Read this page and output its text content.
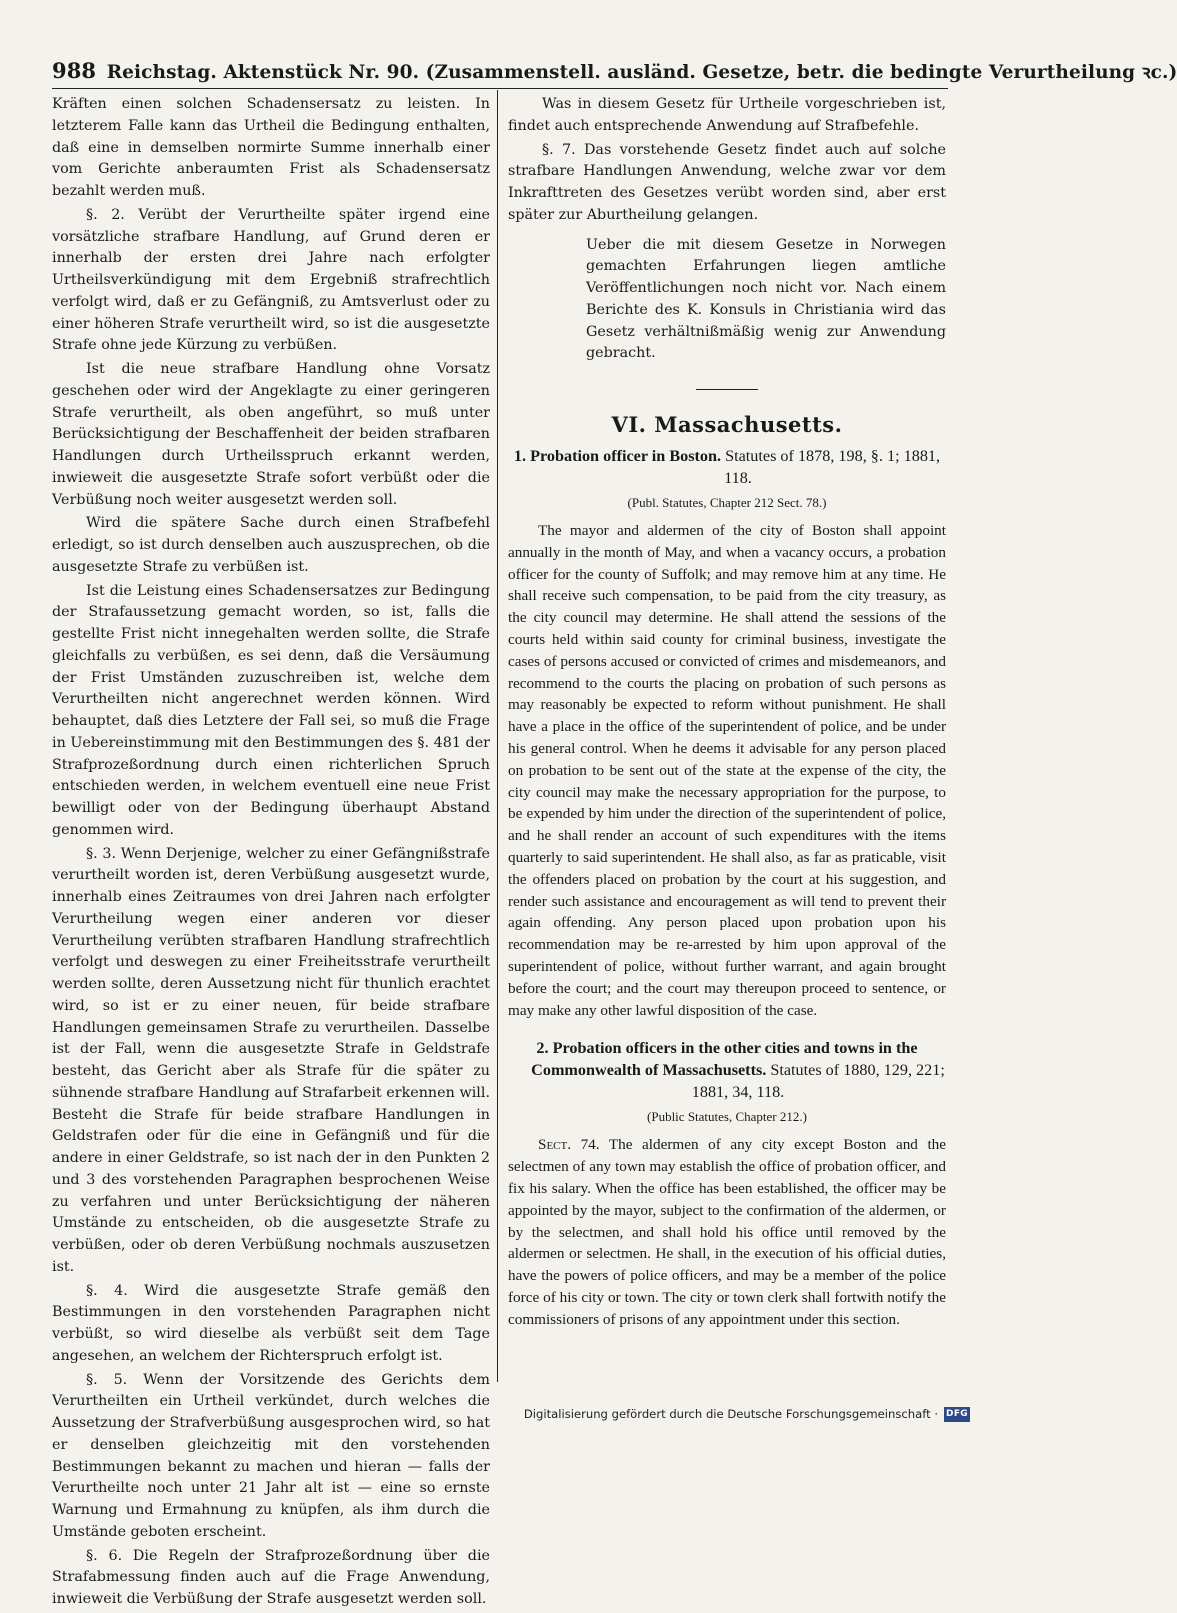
988 Reichstag. Aktenstück Nr. 90. (Zusammenstell. ausländ. Gesetze, betr. die bedingte Verurtheilung ꝛc.)

Kräften einen solchen Schadensersatz zu leisten. In letzterem Falle kann das Urtheil die Bedingung enthalten, daß eine in demselben normirte Summe innerhalb einer vom Gerichte anberaumten Frist als Schadensersatz bezahlt werden muß.

§. 2. Verübt der Verurtheilte später irgend eine vorsätzliche strafbare Handlung, auf Grund deren er innerhalb der ersten drei Jahre nach erfolgter Urtheilsverkündigung mit dem Ergebniß strafrechtlich verfolgt wird, daß er zu Gefängniß, zu Amtsverlust oder zu einer höheren Strafe verurtheilt wird, so ist die ausgesetzte Strafe ohne jede Kürzung zu verbüßen.

Ist die neue strafbare Handlung ohne Vorsatz geschehen oder wird der Angeklagte zu einer geringeren Strafe verurtheilt, als oben angeführt, so muß unter Berücksichtigung der Beschaffenheit der beiden strafbaren Handlungen durch Urtheilsspruch erkannt werden, inwieweit die ausgesetzte Strafe sofort verbüßt oder die Verbüßung noch weiter ausgesetzt werden soll.

Wird die spätere Sache durch einen Strafbefehl erledigt, so ist durch denselben auch auszusprechen, ob die ausgesetzte Strafe zu verbüßen ist.

Ist die Leistung eines Schadensersatzes zur Bedingung der Strafaussetzung gemacht worden, so ist, falls die gestellte Frist nicht innegehalten werden sollte, die Strafe gleichfalls zu verbüßen, es sei denn, daß die Versäumung der Frist Umständen zuzuschreiben ist, welche dem Verurtheilten nicht angerechnet werden können. Wird behauptet, daß dies Letztere der Fall sei, so muß die Frage in Uebereinstimmung mit den Bestimmungen des §. 481 der Strafprozeßordnung durch einen richterlichen Spruch entschieden werden, in welchem eventuell eine neue Frist bewilligt oder von der Bedingung überhaupt Abstand genommen wird.

§. 3. Wenn Derjenige, welcher zu einer Gefängnißstrafe verurtheilt worden ist, deren Verbüßung ausgesetzt wurde, innerhalb eines Zeitraumes von drei Jahren nach erfolgter Verurtheilung wegen einer anderen vor dieser Verurtheilung verübten strafbaren Handlung strafrechtlich verfolgt und deswegen zu einer Freiheitsstrafe verurtheilt werden sollte, deren Aussetzung nicht für thunlich erachtet wird, so ist er zu einer neuen, für beide strafbare Handlungen gemeinsamen Strafe zu verurtheilen. Dasselbe ist der Fall, wenn die ausgesetzte Strafe in Geldstrafe besteht, das Gericht aber als Strafe für die später zu sühnende strafbare Handlung auf Strafarbeit erkennen will. Besteht die Strafe für beide strafbare Handlungen in Geldstrafen oder für die eine in Gefängniß und für die andere in einer Geldstrafe, so ist nach der in den Punkten 2 und 3 des vorstehenden Paragraphen besprochenen Weise zu verfahren und unter Berücksichtigung der näheren Umstände zu entscheiden, ob die ausgesetzte Strafe zu verbüßen, oder ob deren Verbüßung nochmals auszusetzen ist.

§. 4. Wird die ausgesetzte Strafe gemäß den Bestimmungen in den vorstehenden Paragraphen nicht verbüßt, so wird dieselbe als verbüßt seit dem Tage angesehen, an welchem der Richterspruch erfolgt ist.

§. 5. Wenn der Vorsitzende des Gerichts dem Verurtheilten ein Urtheil verkündet, durch welches die Aussetzung der Strafverbüßung ausgesprochen wird, so hat er denselben gleichzeitig mit den vorstehenden Bestimmungen bekannt zu machen und hieran — falls der Verurtheilte noch unter 21 Jahr alt ist — eine so ernste Warnung und Ermahnung zu knüpfen, als ihm durch die Umstände geboten erscheint.

§. 6. Die Regeln der Strafprozeßordnung über die Strafabmessung finden auch auf die Frage Anwendung, inwieweit die Verbüßung der Strafe ausgesetzt werden soll.

Was in diesem Gesetz für Urtheile vorgeschrieben ist, findet auch entsprechende Anwendung auf Strafbefehle.

§. 7. Das vorstehende Gesetz findet auch auf solche strafbare Handlungen Anwendung, welche zwar vor dem Inkrafttreten des Gesetzes verübt worden sind, aber erst später zur Aburtheilung gelangen.

Ueber die mit diesem Gesetze in Norwegen gemachten Erfahrungen liegen amtliche Veröffentlichungen noch nicht vor. Nach einem Berichte des K. Konsuls in Christiania wird das Gesetz verhältnißmäßig wenig zur Anwendung gebracht.

VI. Massachusetts.
1. Probation officer in Boston. Statutes of 1878, 198, §. 1; 1881, 118.
(Publ. Statutes, Chapter 212 Sect. 78.)

The mayor and aldermen of the city of Boston shall appoint annually in the month of May, and when a vacancy occurs, a probation officer for the county of Suffolk; and may remove him at any time. He shall receive such compensation, to be paid from the city treasury, as the city council may determine. He shall attend the sessions of the courts held within said county for criminal business, investigate the cases of persons accused or convicted of crimes and misdemeanors, and recommend to the courts the placing on probation of such persons as may reasonably be expected to reform without punishment. He shall have a place in the office of the superintendent of police, and be under his general control. When he deems it advisable for any person placed on probation to be sent out of the state at the expense of the city, the city council may make the necessary appropriation for the purpose, to be expended by him under the direction of the superintendent of police, and he shall render an account of such expenditures with the items quarterly to said superintendent. He shall also, as far as praticable, visit the offenders placed on probation by the court at his suggestion, and render such assistance and encouragement as will tend to prevent their again offending. Any person placed upon probation upon his recommendation may be re-arrested by him upon approval of the superintendent of police, without further warrant, and again brought before the court; and the court may thereupon proceed to sentence, or may make any other lawful disposition of the case.

2. Probation officers in the other cities and towns in the Commonwealth of Massachusetts. Statutes of 1880, 129, 221; 1881, 34, 118.
(Public Statutes, Chapter 212.)

Sect. 74. The aldermen of any city except Boston and the selectmen of any town may establish the office of probation officer, and fix his salary. When the office has been established, the officer may be appointed by the mayor, subject to the confirmation of the aldermen, or by the selectmen, and shall hold his office until removed by the aldermen or selectmen. He shall, in the execution of his official duties, have the powers of police officers, and may be a member of the police force of his city or town. The city or town clerk shall fortwith notify the commissioners of prisons of any appointment under this section.

Digitalisierung gefördert durch die Deutsche Forschungsgemeinschaft · DFG
